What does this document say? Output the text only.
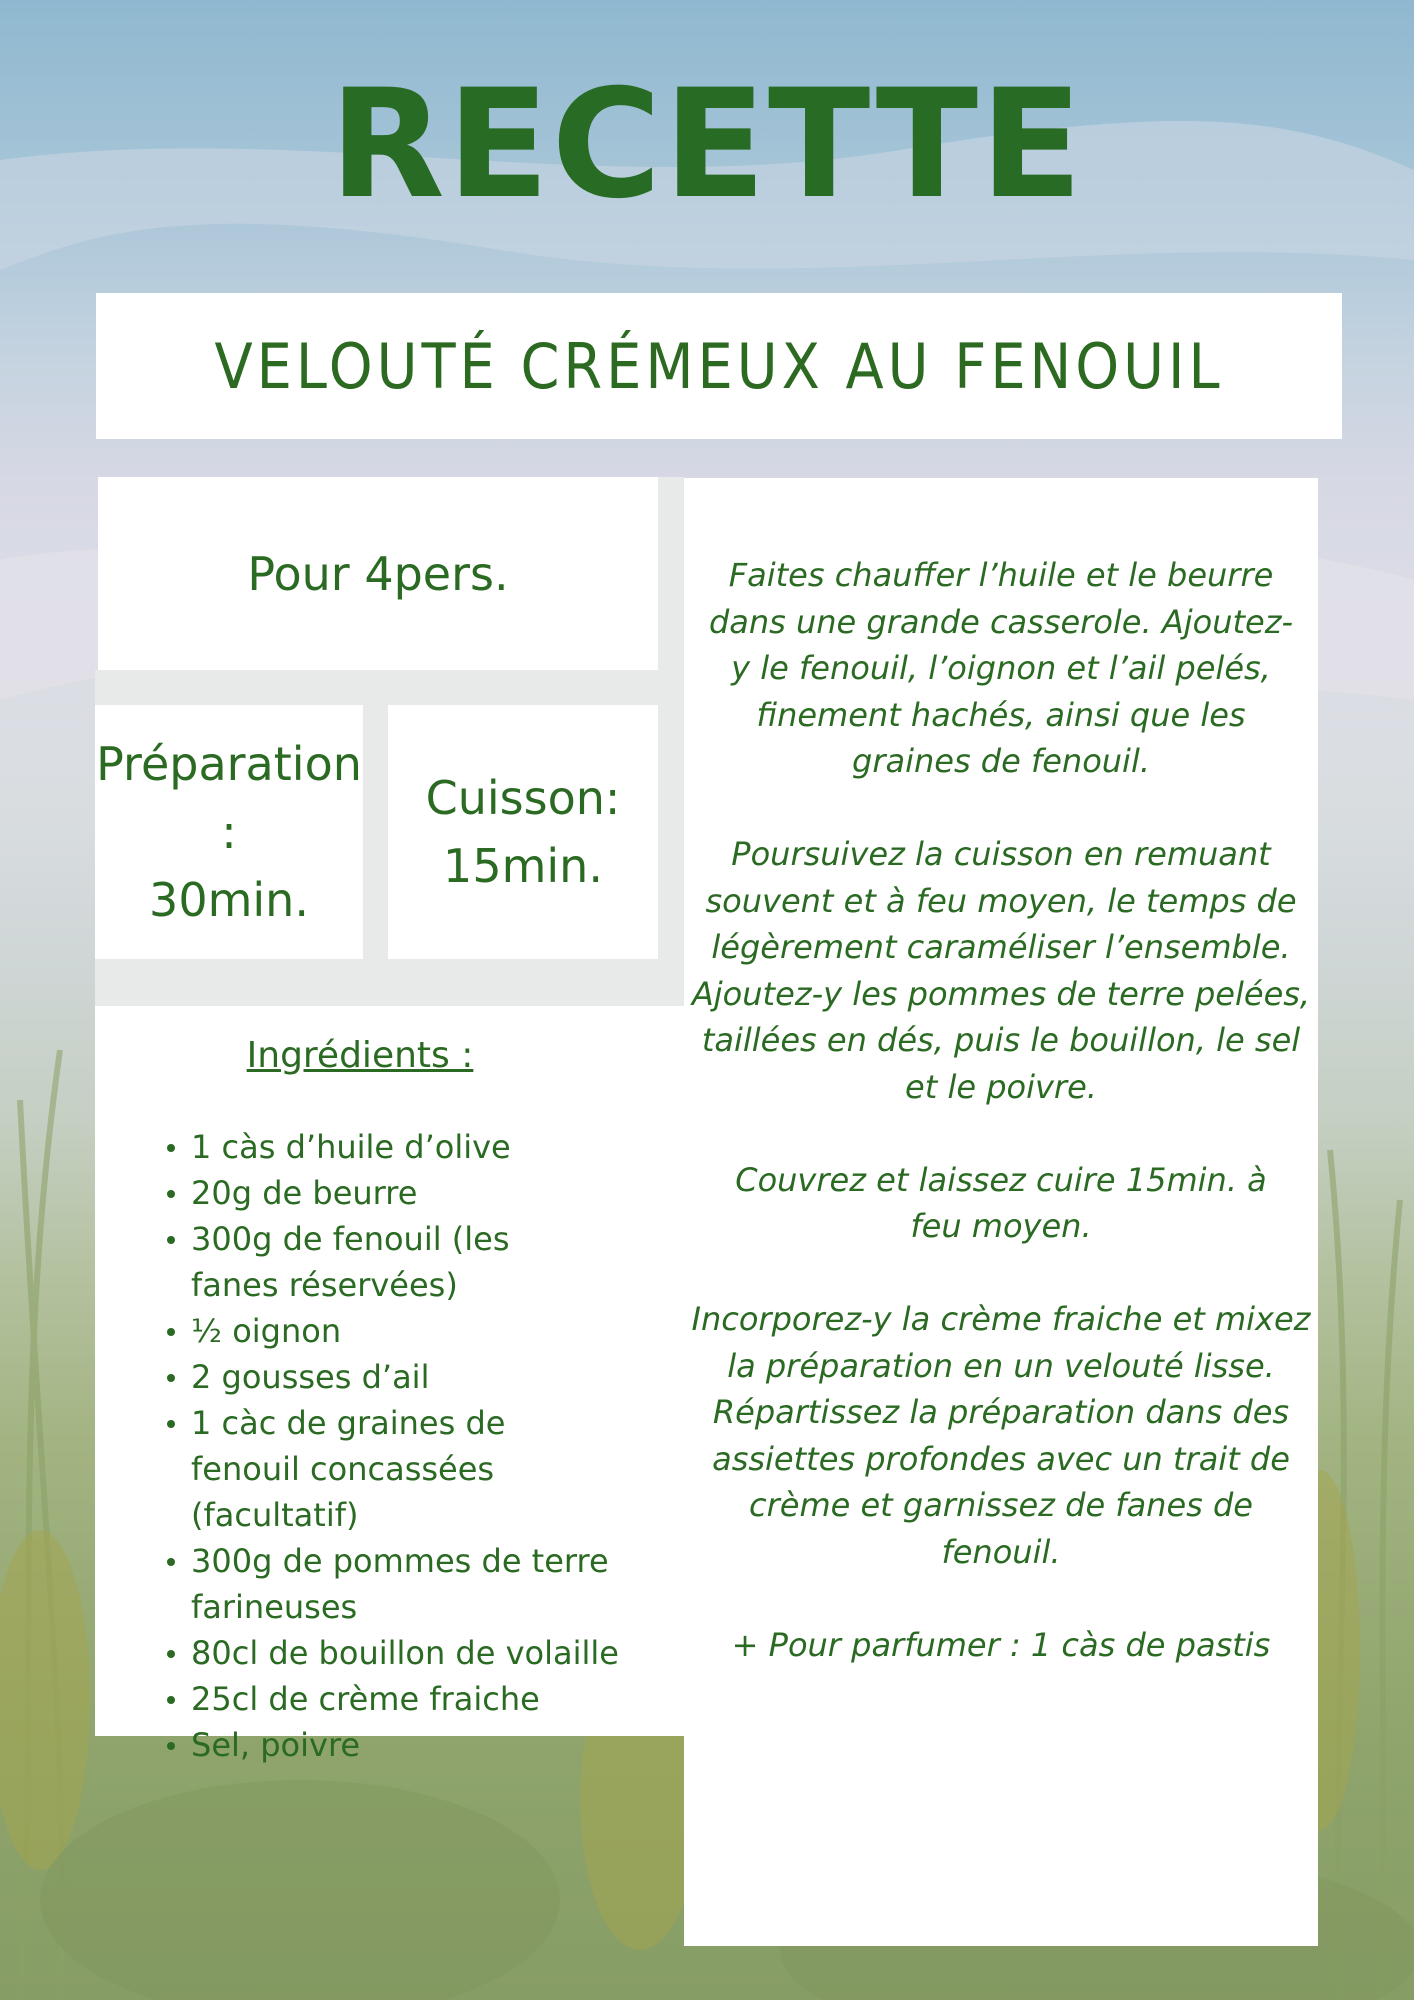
RECETTE
VELOUTÉ CRÉMEUX AU FENOUIL
Pour 4pers.
Préparation :
30min.
Cuisson:
15min.
Ingrédients :
1 càs d’huile d’olive
20g de beurre
300g de fenouil (les fanes réservées)
½ oignon
2 gousses d’ail
1 càc de graines de fenouil concassées (facultatif)
300g de pommes de terre farineuses
80cl de bouillon de volaille
25cl de crème fraiche
Sel, poivre

Faites chauffer l’huile et le beurre dans une grande casserole. Ajoutez-y le fenouil, l’oignon et l’ail pelés, finement hachés, ainsi que les graines de fenouil.

Poursuivez la cuisson en remuant souvent et à feu moyen, le temps de légèrement caraméliser l’ensemble. Ajoutez-y les pommes de terre pelées, taillées en dés, puis le bouillon, le sel et le poivre.

Couvrez et laissez cuire 15min. à feu moyen.

Incorporez-y la crème fraiche et mixez la préparation en un velouté lisse. Répartissez la préparation dans des assiettes profondes avec un trait de crème et garnissez de fanes de fenouil.

+ Pour parfumer : 1 càs de pastis
